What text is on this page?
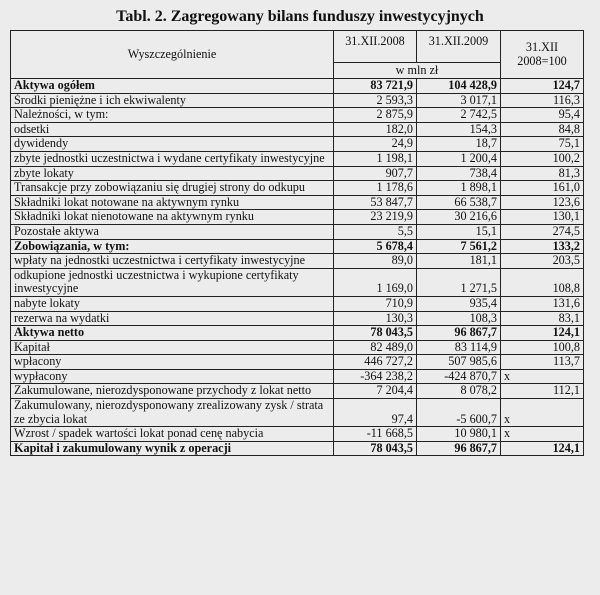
Tabl. 2. Zagregowany bilans funduszy inwestycyjnych
Wyszczególnienie	31.XII.2008	31.XII.2009	31.XII 2008=100
	w mln zł		
Aktywa ogółem	83 721,9	104 428,9	124,7
Środki pieniężne i ich ekwiwalenty	2 593,3	3 017,1	116,3
Należności, w tym:	2 875,9	2 742,5	95,4
odsetki	182,0	154,3	84,8
dywidendy	24,9	18,7	75,1
zbyte jednostki uczestnictwa i wydane certyfikaty inwestycyjne	1 198,1	1 200,4	100,2
zbyte lokaty	907,7	738,4	81,3
Transakcje przy zobowiązaniu się drugiej strony do odkupu	1 178,6	1 898,1	161,0
Składniki lokat notowane na aktywnym rynku	53 847,7	66 538,7	123,6
Składniki lokat nienotowane na aktywnym rynku	23 219,9	30 216,6	130,1
Pozostałe aktywa	5,5	15,1	274,5
Zobowiązania, w tym:	5 678,4	7 561,2	133,2
wpłaty na jednostki uczestnictwa i certyfikaty inwestycyjne	89,0	181,1	203,5
odkupione jednostki uczestnictwa i wykupione certyfikaty inwestycyjne	1 169,0	1 271,5	108,8
nabyte lokaty	710,9	935,4	131,6
rezerwa na wydatki	130,3	108,3	83,1
Aktywa netto	78 043,5	96 867,7	124,1
Kapitał	82 489,0	83 114,9	100,8
wpłacony	446 727,2	507 985,6	113,7
wypłacony	-364 238,2	-424 870,7	x
Zakumulowane, nierozdysponowane przychody z lokat netto	7 204,4	8 078,2	112,1
Zakumulowany, nierozdysponowany zrealizowany zysk / strata ze zbycia lokat	97,4	-5 600,7	x
Wzrost / spadek wartości lokat ponad cenę nabycia	-11 668,5	10 980,1	x
Kapitał i zakumulowany wynik z operacji	78 043,5	96 867,7	124,1
